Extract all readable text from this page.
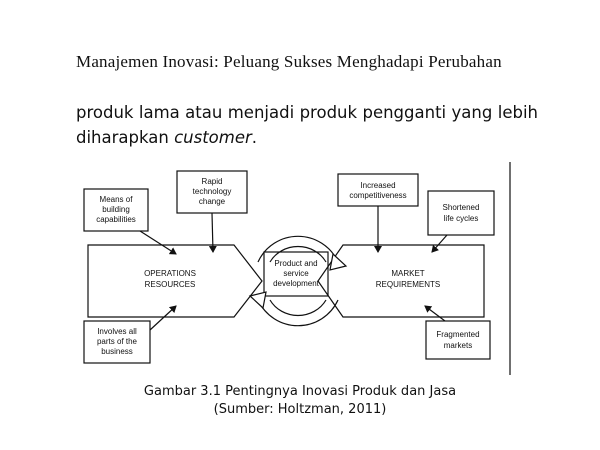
Manajemen Inovasi: Peluang Sukses Menghadapi Perubahan
produk lama atau menjadi produk pengganti yang lebih
diharapkan customer.
Means of building capabilities
Rapid technology change
Increased competitiveness
Shortened life cycles
OPERATIONS RESOURCES
Product and service development
MARKET REQUIREMENTS
Involves all parts of the business
Fragmented markets
Gambar 3.1 Pentingnya Inovasi Produk dan Jasa
(Sumber: Holtzman, 2011)
